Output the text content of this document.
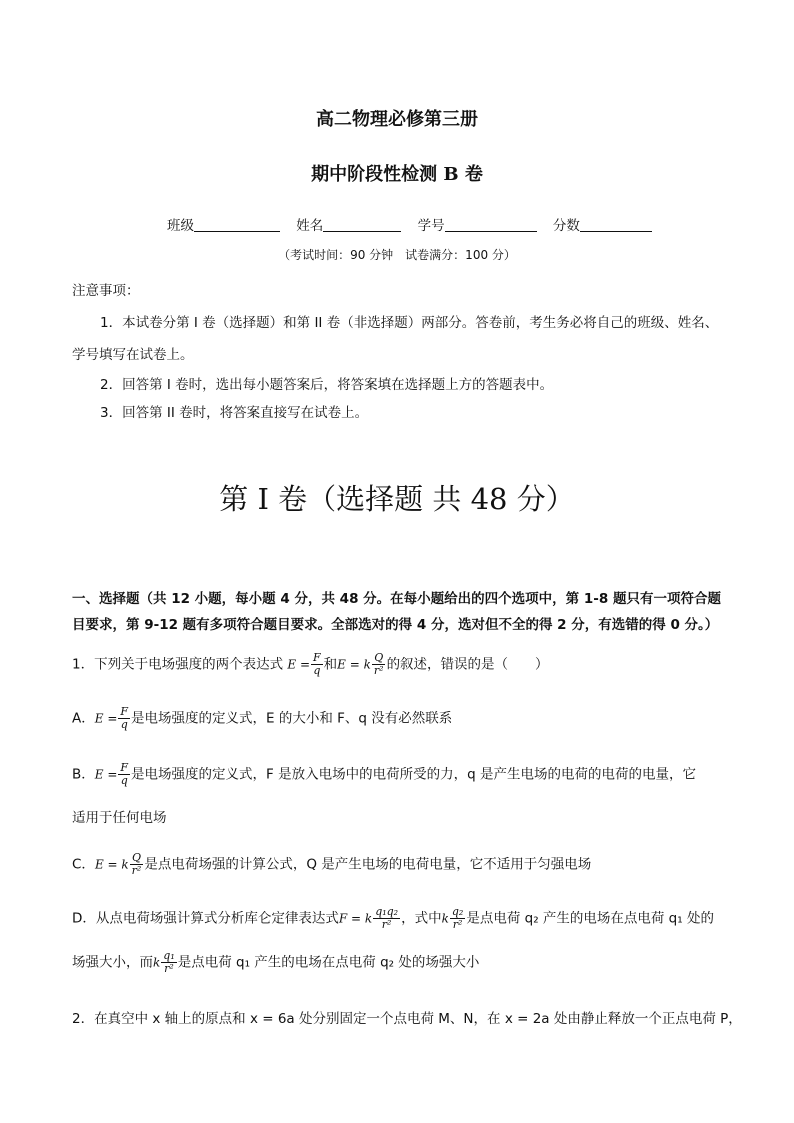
高二物理必修第三册
期中阶段性检测 B 卷
班级	姓名	学号	分数
（考试时间：90 分钟　试卷满分：100 分）
注意事项：
1．本试卷分第 I 卷（选择题）和第 II 卷（非选择题）两部分。答卷前，考生务必将自己的班级、姓名、
学号填写在试卷上。
2．回答第 I 卷时，选出每小题答案后，将答案填在选择题上方的答题表中。
3．回答第 II 卷时，将答案直接写在试卷上。
第 I 卷（选择题 共 48 分）
一、选择题（共 12 小题，每小题 4 分，共 48 分。在每小题给出的四个选项中，第 1-8 题只有一项符合题
目要求，第 9-12 题有多项符合题目要求。全部选对的得 4 分，选对但不全的得 2 分，有选错的得 0 分。）
1．下列关于电场强度的两个表达式 $E = \frac{F}{q}$ 和E = k $\frac{Q}{\text{r²}}$ 的叙述，错误的是（　　）
A．$E = \frac{F}{q}$ 是电场强度的定义式，E 的大小和 F、q 没有必然联系
B．$E = \frac{F}{q}$ 是电场强度的定义式，F 是放入电场中的电荷所受的力，q 是产生电场的电荷的电荷的电量，它
适用于任何电场
C．E = k $\frac{Q}{\text{r²}}$ 是点电荷场强的计算公式，Q 是产生电场的电荷电量，它不适用于匀强电场
D．从点电荷场强计算式分析库仑定律表达式F = k $\frac{\text{q₁q₂}}{\text{r²}}$ ，式中k $\frac{\text{q₂}}{\text{r²}}$ 是点电荷 q₂ 产生的电场在点电荷 q₁ 处的
场强大小，而k $\frac{\text{q₁}}{\text{r²}}$ 是点电荷 q₁ 产生的电场在点电荷 q₂ 处的场强大小
2．在真空中 x 轴上的原点和 x = 6a 处分别固定一个点电荷 M、N，在 x = 2a 处由静止释放一个正点电荷 P，
